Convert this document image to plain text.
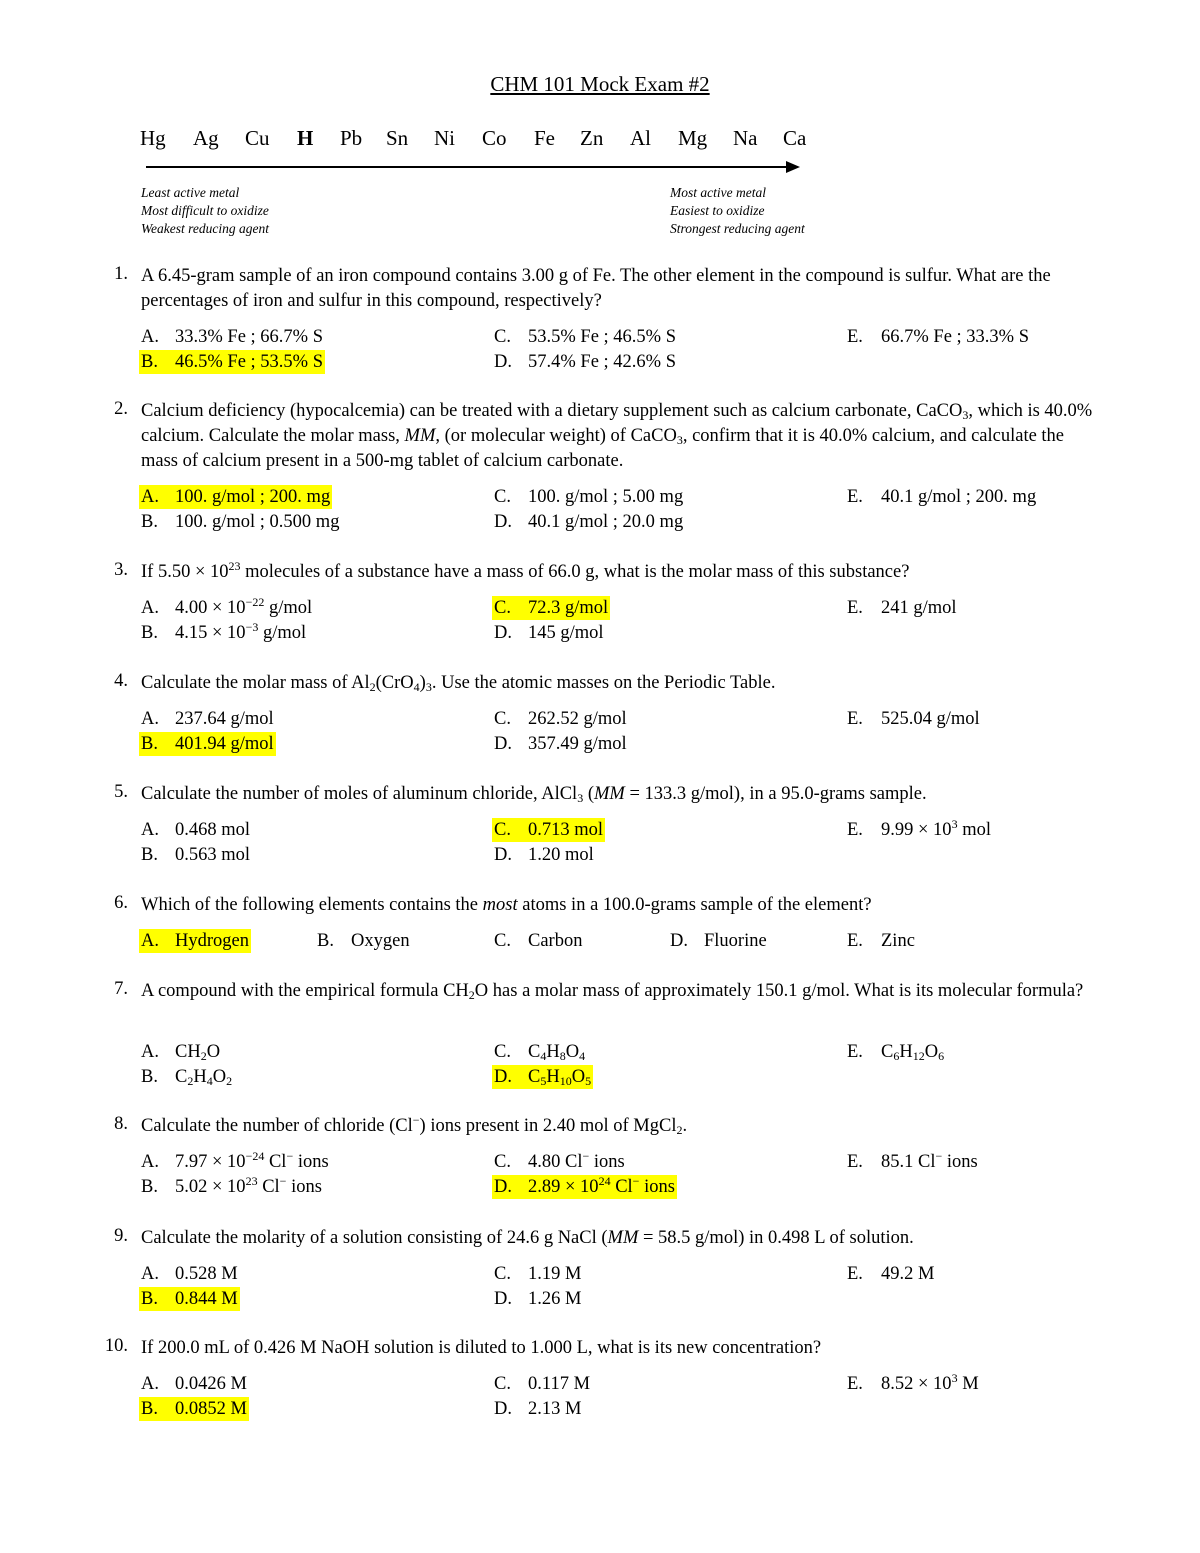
CHM 101 Mock Exam #2
Hg Ag Cu H Pb Sn Ni Co Fe Zn Al Mg Na Ca
Least active metal
Most difficult to oxidize
Weakest reducing agent
Most active metal
Easiest to oxidize
Strongest reducing agent
1. A 6.45-gram sample of an iron compound contains 3.00 g of Fe. The other element in the compound is sulfur. What are the percentages of iron and sulfur in this compound, respectively?
A. 33.3% Fe ; 66.7% S
B. 46.5% Fe ; 53.5% S
C. 53.5% Fe ; 46.5% S
D. 57.4% Fe ; 42.6% S
E. 66.7% Fe ; 33.3% S
2. Calcium deficiency (hypocalcemia) can be treated with a dietary supplement such as calcium carbonate, CaCO$_3$, which is 40.0% calcium. Calculate the molar mass, MM, (or molecular weight) of CaCO$_3$, confirm that it is 40.0% calcium, and calculate the mass of calcium present in a 500-mg tablet of calcium carbonate.
A. 100. g/mol ; 200. mg
B. 100. g/mol ; 0.500 mg
C. 100. g/mol ; 5.00 mg
D. 40.1 g/mol ; 20.0 mg
E. 40.1 g/mol ; 200. mg
3. If $5.50 \times 10^{23}$ molecules of a substance have a mass of 66.0 g, what is the molar mass of this substance?
A. $4.00 \times 10^{-22}$ g/mol
B. $4.15 \times 10^{-3}$ g/mol
C. 72.3 g/mol
D. 145 g/mol
E. 241 g/mol
4. Calculate the molar mass of $Al_2(CrO_4)_3$. Use the atomic masses on the Periodic Table.
A. 237.64 g/mol
B. 401.94 g/mol
C. 262.52 g/mol
D. 357.49 g/mol
E. 525.04 g/mol
5. Calculate the number of moles of aluminum chloride, AlCl$_3$ (MM = 133.3 g/mol), in a 95.0-grams sample.
A. 0.468 mol
B. 0.563 mol
C. 0.713 mol
D. 1.20 mol
E. $9.99 \times 10^3$ mol
6. Which of the following elements contains the most atoms in a 100.0-grams sample of the element?
A. Hydrogen	B. Oxygen	C. Carbon	D. Fluorine	E. Zinc
7. A compound with the empirical formula $CH_2O$ has a molar mass of approximately 150.1 g/mol. What is its molecular formula?
A. $CH_2O$
B. $C_2H_4O_2$
C. $C_4H_8O_4$
D. $C_5H_{10}O_5$
E. $C_6H_{12}O_6$
8. Calculate the number of chloride (Cl−) ions present in 2.40 mol of MgCl$_2$.
A. $7.97 \times 10^{-24}$ Cl− ions
B. $5.02 \times 10^{23}$ Cl− ions
C. 4.80 Cl− ions
D. $2.89 \times 10^{24}$ Cl− ions
E. 85.1 Cl− ions
9. Calculate the molarity of a solution consisting of 24.6 g NaCl (MM = 58.5 g/mol) in 0.498 L of solution.
A. 0.528 M
B. 0.844 M
C. 1.19 M
D. 1.26 M
E. 49.2 M
10. If 200.0 mL of 0.426 M NaOH solution is diluted to 1.000 L, what is its new concentration?
A. 0.0426 M
B. 0.0852 M
C. 0.117 M
D. 2.13 M
E. $8.52 \times 10^3$ M
